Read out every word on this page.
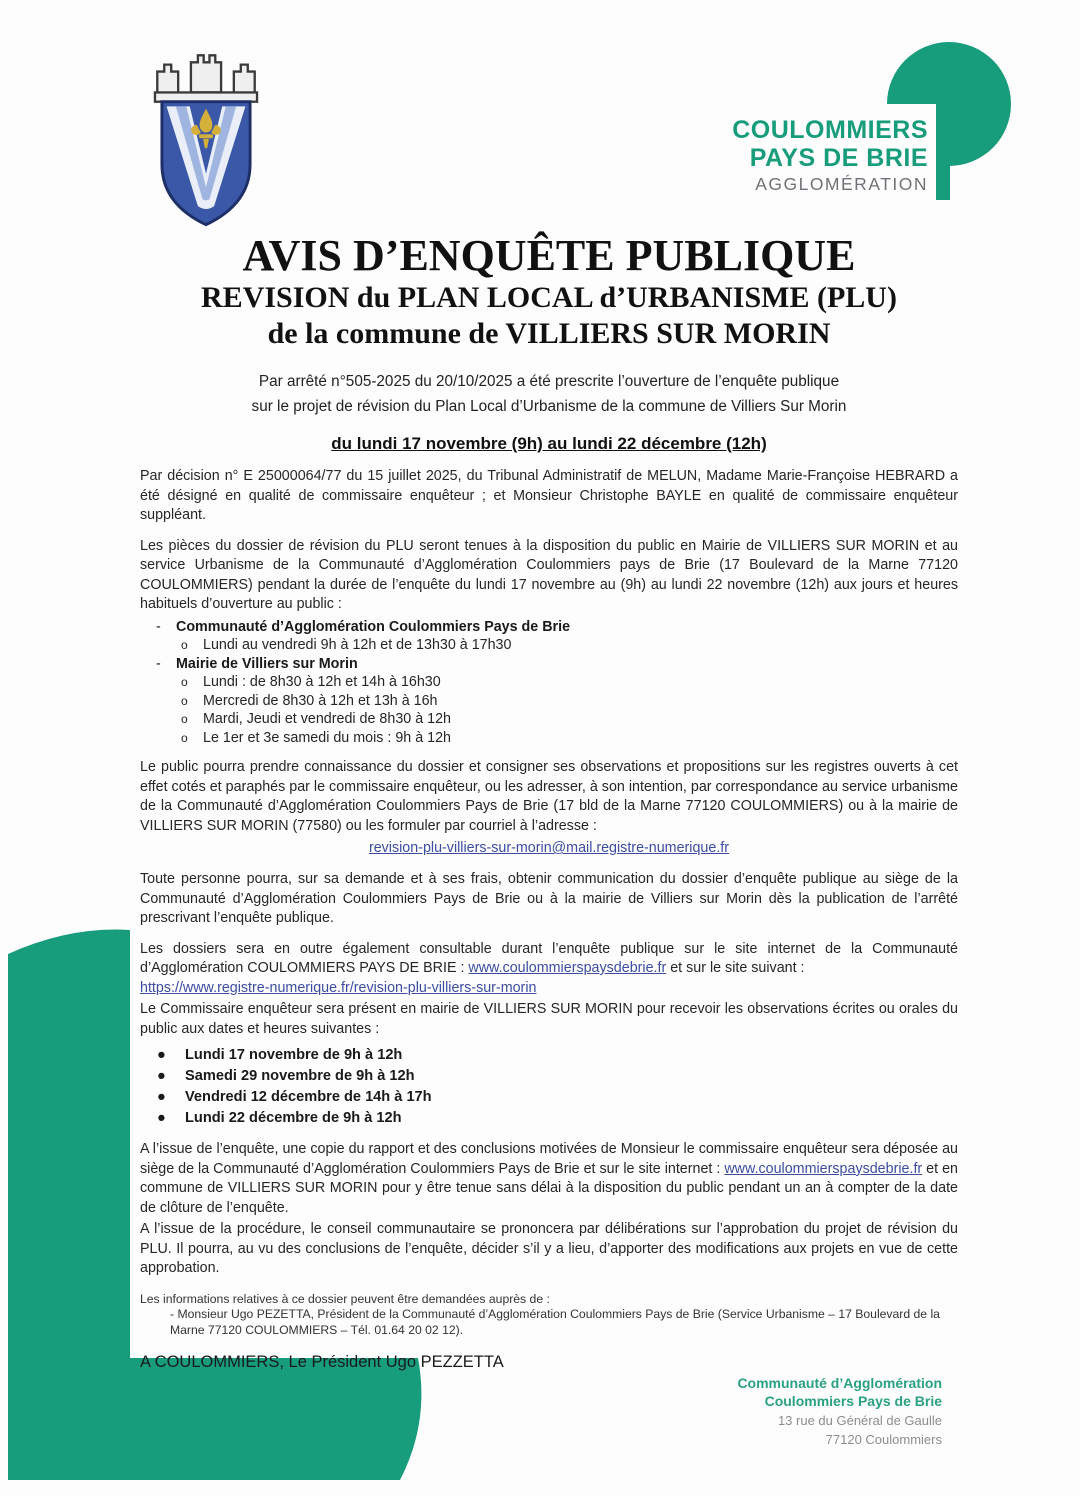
COULOMMIERS
PAYS DE BRIE
AGGLOMÉRATION
AVIS D’ENQUÊTE PUBLIQUE
REVISION du PLAN LOCAL d’URBANISME (PLU)
de la commune de VILLIERS SUR MORIN
Par arrêté n°505-2025 du 20/10/2025 a été prescrite l’ouverture de l’enquête publique
sur le projet de révision du Plan Local d’Urbanisme de la commune de Villiers Sur Morin
du lundi 17 novembre (9h) au lundi 22 décembre (12h)

Par décision n° E 25000064/77 du 15 juillet 2025, du Tribunal Administratif de MELUN, Madame Marie-Françoise HEBRARD a été désigné en qualité de commissaire enquêteur ; et Monsieur Christophe BAYLE en qualité de commissaire enquêteur suppléant.

Les pièces du dossier de révision du PLU seront tenues à la disposition du public en Mairie de VILLIERS SUR MORIN et au service Urbanisme de la Communauté d’Agglomération Coulommiers pays de Brie (17 Boulevard de la Marne 77120 COULOMMIERS) pendant la durée de l’enquête du lundi 17 novembre au (9h) au lundi 22 novembre (12h) aux jours et heures habituels d’ouverture au public :

-	Communauté d’Agglomération Coulommiers Pays de Brie
o	Lundi au vendredi 9h à 12h et de 13h30 à 17h30
-	Mairie de Villiers sur Morin
o	Lundi : de 8h30 à 12h et 14h à 16h30
o	Mercredi de 8h30 à 12h et 13h à 16h
o	Mardi, Jeudi et vendredi de 8h30 à 12h
o	Le 1er et 3e samedi du mois : 9h à 12h

Le public pourra prendre connaissance du dossier et consigner ses observations et propositions sur les registres ouverts à cet effet cotés et paraphés par le commissaire enquêteur, ou les adresser, à son intention, par correspondance au service urbanisme de la Communauté d’Agglomération Coulommiers Pays de Brie (17 bld de la Marne 77120 COULOMMIERS) ou à la mairie de VILLIERS SUR MORIN (77580) ou les formuler par courriel à l’adresse :

revision-plu-villiers-sur-morin@mail.registre-numerique.fr

Toute personne pourra, sur sa demande et à ses frais, obtenir communication du dossier d’enquête publique au siège de la Communauté d’Agglomération Coulommiers Pays de Brie ou à la mairie de Villiers sur Morin dès la publication de l’arrêté prescrivant l’enquête publique.

Les dossiers sera en outre également consultable durant l’enquête publique sur le site internet de la Communauté d’Agglomération COULOMMIERS PAYS DE BRIE : www.coulommierspaysdebrie.fr et sur le site suivant :

https://www.registre-numerique.fr/revision-plu-villiers-sur-morin

Le Commissaire enquêteur sera présent en mairie de VILLIERS SUR MORIN pour recevoir les observations écrites ou orales du public aux dates et heures suivantes :

●	Lundi 17 novembre de 9h à 12h
●	Samedi 29 novembre de 9h à 12h
●	Vendredi 12 décembre de 14h à 17h
●	Lundi 22 décembre de 9h à 12h

A l’issue de l’enquête, une copie du rapport et des conclusions motivées de Monsieur le commissaire enquêteur sera déposée au siège de la Communauté d’Agglomération Coulommiers Pays de Brie et sur le site internet : www.coulommierspaysdebrie.fr et en commune de VILLIERS SUR MORIN pour y être tenue sans délai à la disposition du public pendant un an à compter de la date de clôture de l’enquête.

A l’issue de la procédure, le conseil communautaire se prononcera par délibérations sur l’approbation du projet de révision du PLU. Il pourra, au vu des conclusions de l’enquête, décider s’il y a lieu, d’apporter des modifications aux projets en vue de cette approbation.

Les informations relatives à ce dossier peuvent être demandées auprès de :
- Monsieur Ugo PEZETTA, Président de la Communauté d’Agglomération Coulommiers Pays de Brie (Service Urbanisme – 17 Boulevard de la Marne 77120 COULOMMIERS – Tél. 01.64 20 02 12).
A COULOMMIERS, Le Président Ugo PEZZETTA
Communauté d’Agglomération
Coulommiers Pays de Brie
13 rue du Général de Gaulle
77120 Coulommiers
